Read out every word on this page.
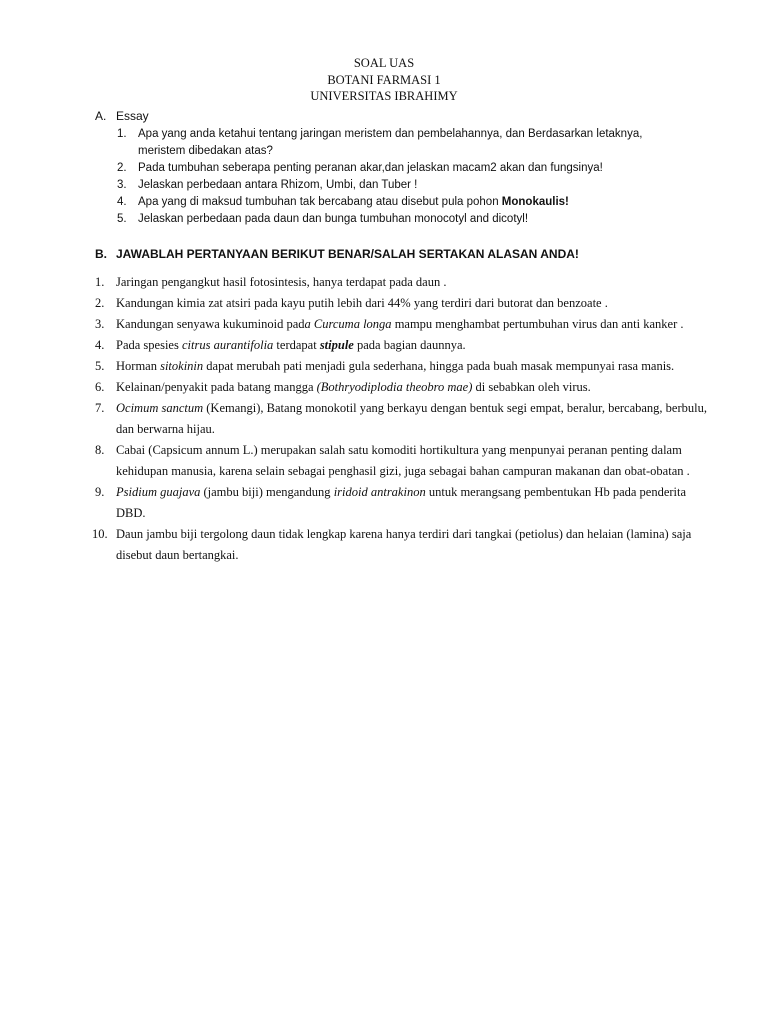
SOAL UAS
BOTANI FARMASI 1
UNIVERSITAS IBRAHIMY
A. Essay
1. Apa yang anda ketahui tentang jaringan meristem dan pembelahannya, dan Berdasarkan letaknya, meristem dibedakan atas?
2. Pada tumbuhan seberapa penting peranan akar,dan jelaskan macam2 akan dan fungsinya!
3. Jelaskan perbedaan antara Rhizom, Umbi, dan Tuber !
4. Apa yang di maksud tumbuhan tak bercabang atau disebut pula pohon Monokaulis!
5. Jelaskan perbedaan pada daun dan bunga tumbuhan monocotyl and dicotyl!
B. JAWABLAH PERTANYAAN BERIKUT BENAR/SALAH SERTAKAN ALASAN ANDA!
1. Jaringan pengangkut hasil fotosintesis, hanya terdapat pada daun .
2. Kandungan kimia zat atsiri pada kayu putih lebih dari 44% yang terdiri dari butorat dan benzoate .
3. Kandungan senyawa kukuminoid pada Curcuma longa mampu menghambat pertumbuhan virus dan anti kanker .
4. Pada spesies citrus aurantifolia terdapat stipule pada bagian daunnya.
5. Horman sitokinin dapat merubah pati menjadi gula sederhana, hingga pada buah masak mempunyai rasa manis.
6. Kelainan/penyakit pada batang mangga (Bothryodiplodia theobro mae) di sebabkan oleh virus.
7. Ocimum sanctum (Kemangi), Batang monokotil yang berkayu dengan bentuk segi empat, beralur, bercabang, berbulu, dan berwarna hijau.
8. Cabai (Capsicum annum L.) merupakan salah satu komoditi hortikultura yang menpunyai peranan penting dalam kehidupan manusia, karena selain sebagai penghasil gizi, juga sebagai bahan campuran makanan dan obat-obatan .
9. Psidium guajava (jambu biji) mengandung iridoid antrakinon untuk merangsang pembentukan Hb pada penderita DBD.
10. Daun jambu biji tergolong daun tidak lengkap karena hanya terdiri dari tangkai (petiolus) dan helaian (lamina) saja disebut daun bertangkai.
